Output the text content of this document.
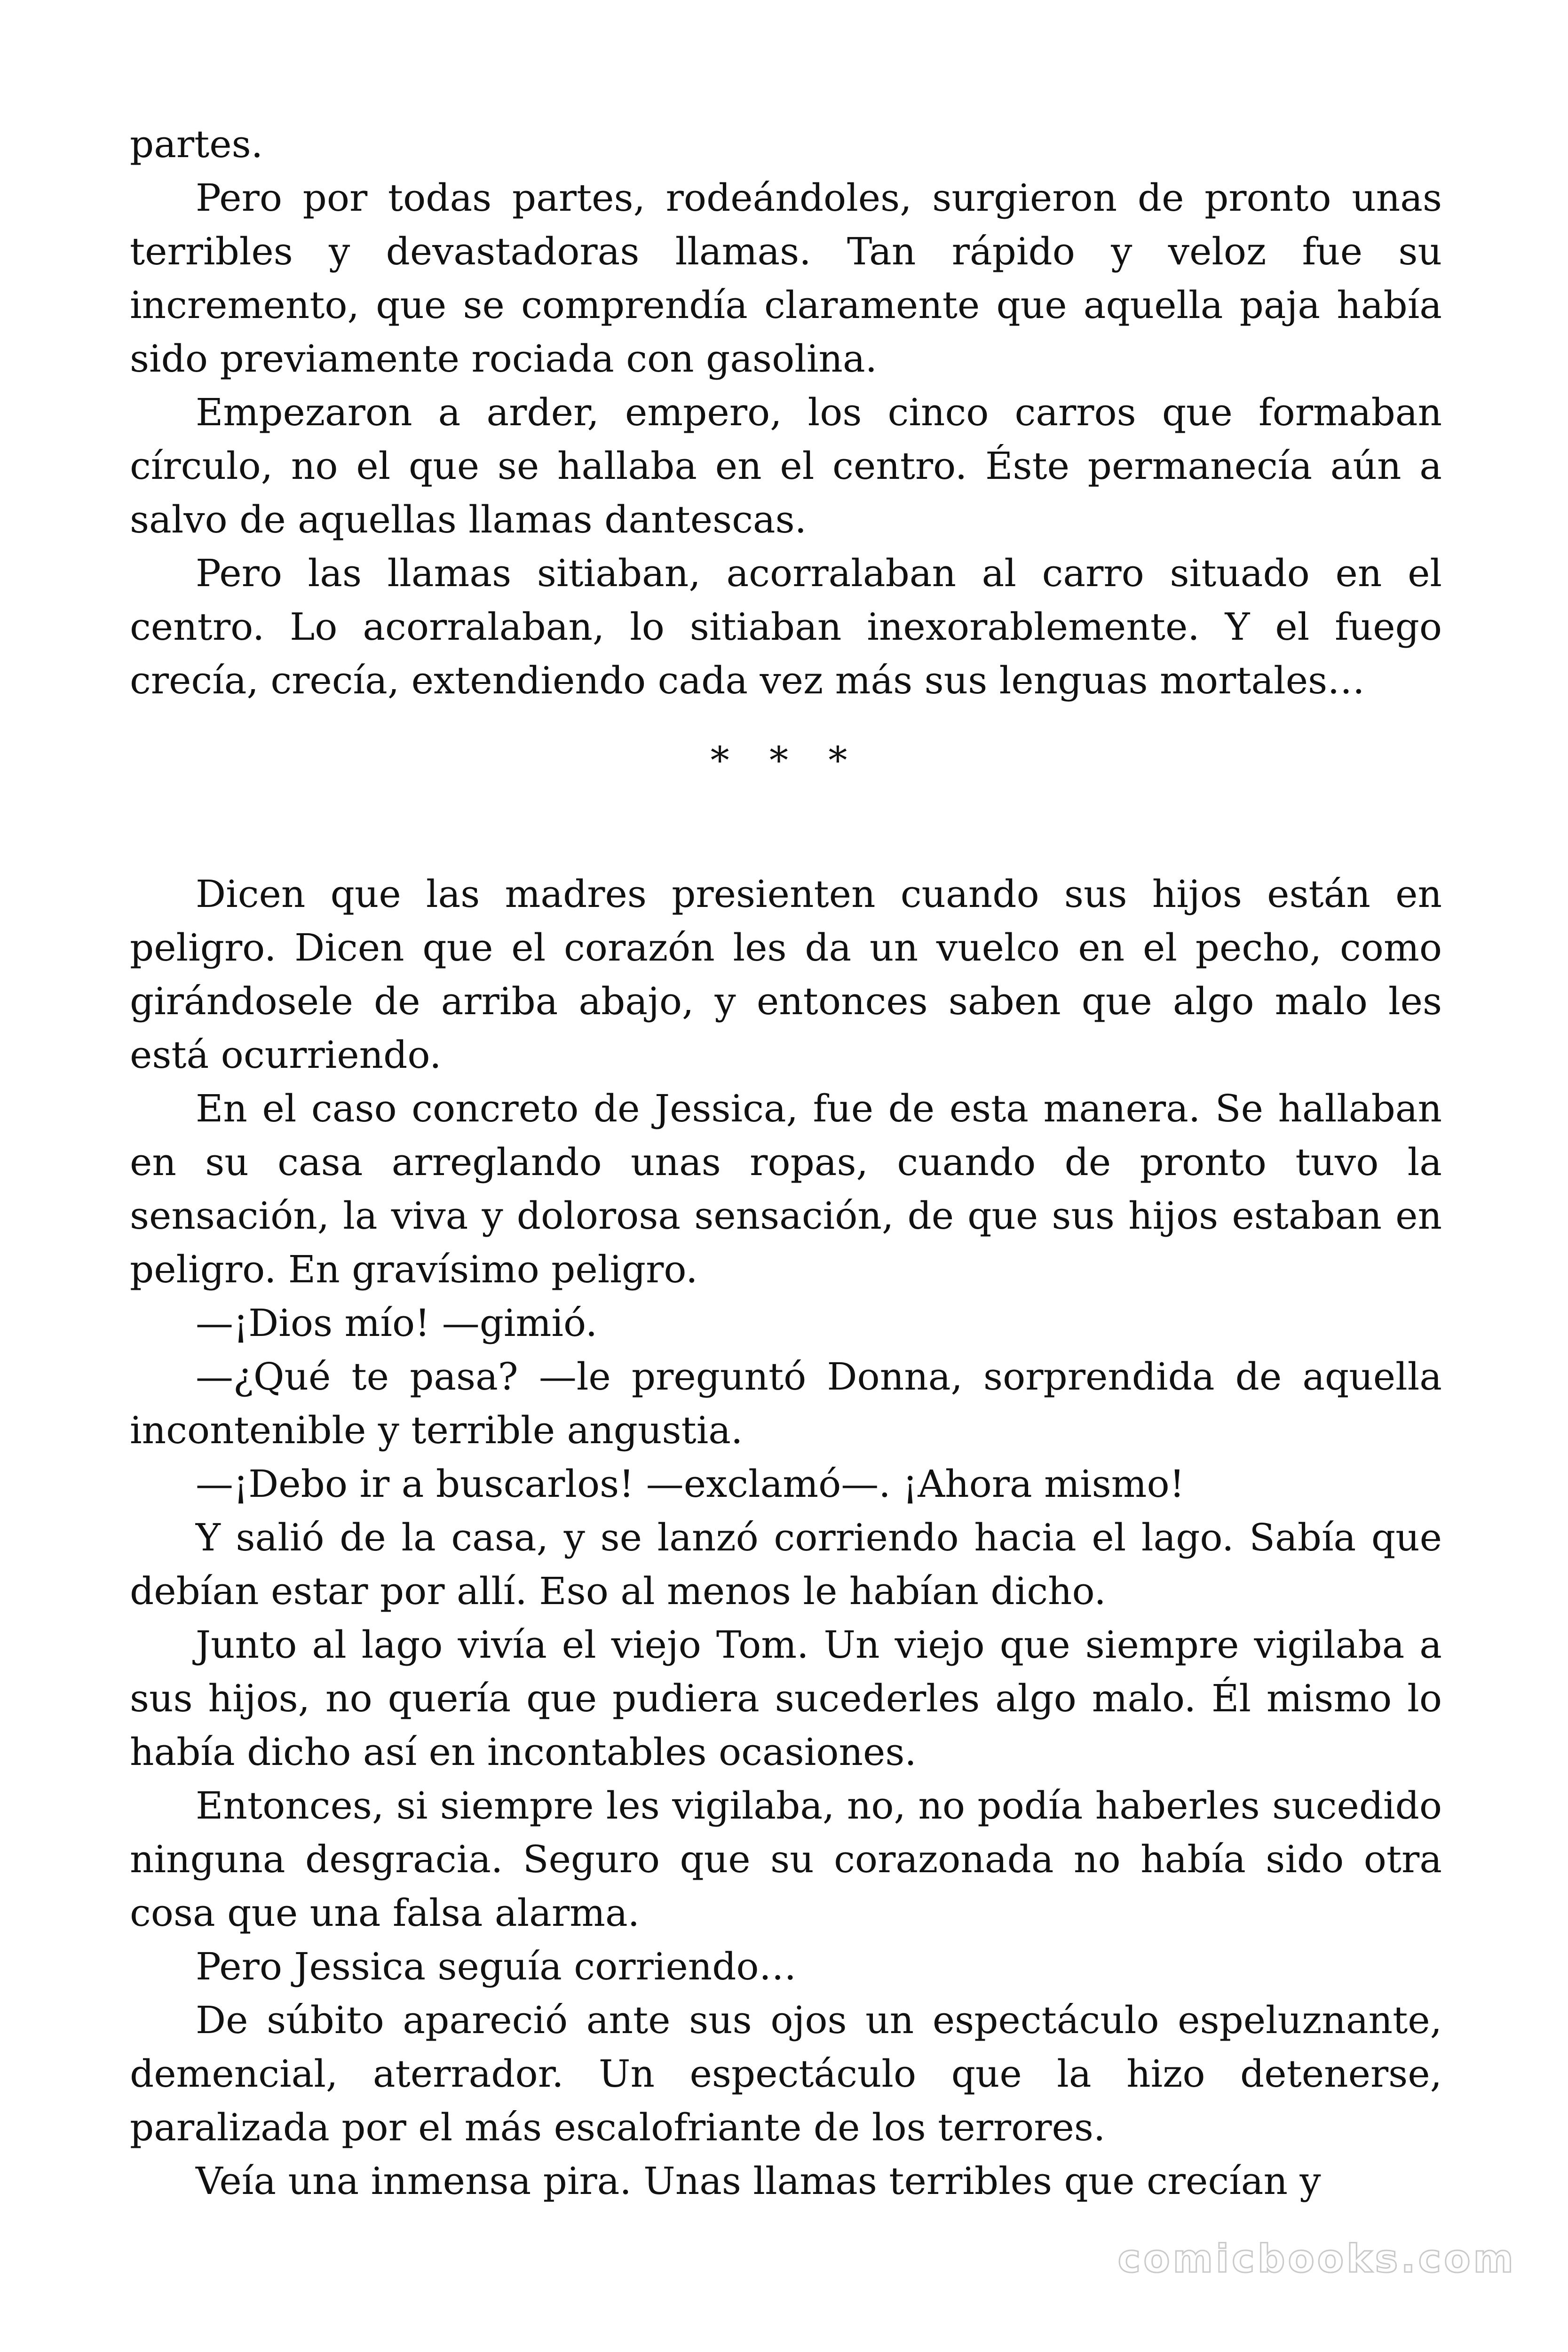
partes.

Pero por todas partes, rodeándoles, surgieron de pronto unas terribles y devastadoras llamas. Tan rápido y veloz fue su incremento, que se comprendía claramente que aquella paja había sido previamente rociada con gasolina.

Empezaron a arder, empero, los cinco carros que formaban círculo, no el que se hallaba en el centro. Éste permanecía aún a salvo de aquellas llamas dantescas.

Pero las llamas sitiaban, acorralaban al carro situado en el centro. Lo acorralaban, lo sitiaban inexorablemente. Y el fuego crecía, crecía, extendiendo cada vez más sus lenguas mortales…

* * *

Dicen que las madres presienten cuando sus hijos están en peligro. Dicen que el corazón les da un vuelco en el pecho, como girándosele de arriba abajo, y entonces saben que algo malo les está ocurriendo.

En el caso concreto de Jessica, fue de esta manera. Se hallaban en su casa arreglando unas ropas, cuando de pronto tuvo la sensación, la viva y dolorosa sensación, de que sus hijos estaban en peligro. En gravísimo peligro.

—¡Dios mío! —gimió.

—¿Qué te pasa? —le preguntó Donna, sorprendida de aquella incontenible y terrible angustia.

—¡Debo ir a buscarlos! —exclamó—. ¡Ahora mismo!

Y salió de la casa, y se lanzó corriendo hacia el lago. Sabía que debían estar por allí. Eso al menos le habían dicho.

Junto al lago vivía el viejo Tom. Un viejo que siempre vigilaba a sus hijos, no quería que pudiera sucederles algo malo. Él mismo lo había dicho así en incontables ocasiones.

Entonces, si siempre les vigilaba, no, no podía haberles sucedido ninguna desgracia. Seguro que su corazonada no había sido otra cosa que una falsa alarma.

Pero Jessica seguía corriendo…

De súbito apareció ante sus ojos un espectáculo espeluznante, demencial, aterrador. Un espectáculo que la hizo detenerse, paralizada por el más escalofriante de los terrores.

Veía una inmensa pira. Unas llamas terribles que crecían y

comicbooks.com
